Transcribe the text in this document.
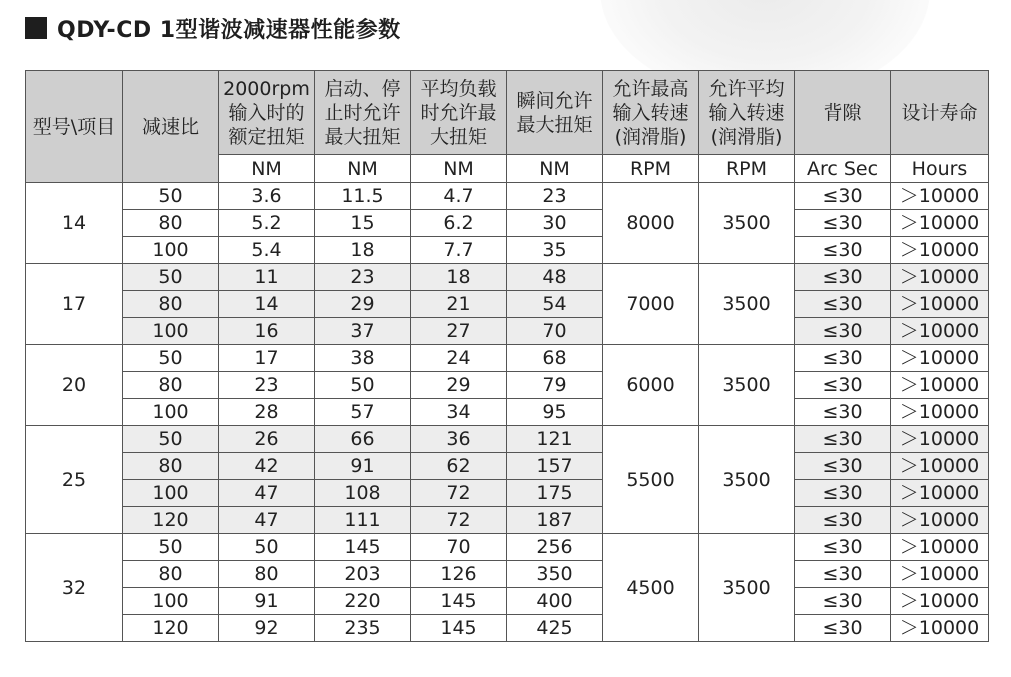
QDY-CD 1型谐波减速器性能参数
型号\项目	减速比	2000rpm
输入时的
额定扭矩	启动、停
止时允许
最大扭矩	平均负载
时允许最
大扭矩	瞬间允许
最大扭矩	允许最高
输入转速
(润滑脂)	允许平均
输入转速
(润滑脂)	背隙	设计寿命
		NM	NM	NM	NM	RPM	RPM	Arc Sec	Hours
14	50	3.6	11.5	4.7	23	8000	3500	≤30	＞10000
	80	5.2	15	6.2	30			≤30	＞10000
	100	5.4	18	7.7	35			≤30	＞10000
17	50	11	23	18	48	7000	3500	≤30	＞10000
	80	14	29	21	54			≤30	＞10000
	100	16	37	27	70			≤30	＞10000
20	50	17	38	24	68	6000	3500	≤30	＞10000
	80	23	50	29	79			≤30	＞10000
	100	28	57	34	95			≤30	＞10000
25	50	26	66	36	121	5500	3500	≤30	＞10000
	80	42	91	62	157			≤30	＞10000
	100	47	108	72	175			≤30	＞10000
	120	47	111	72	187			≤30	＞10000
32	50	50	145	70	256	4500	3500	≤30	＞10000
	80	80	203	126	350			≤30	＞10000
	100	91	220	145	400			≤30	＞10000
	120	92	235	145	425			≤30	＞10000
